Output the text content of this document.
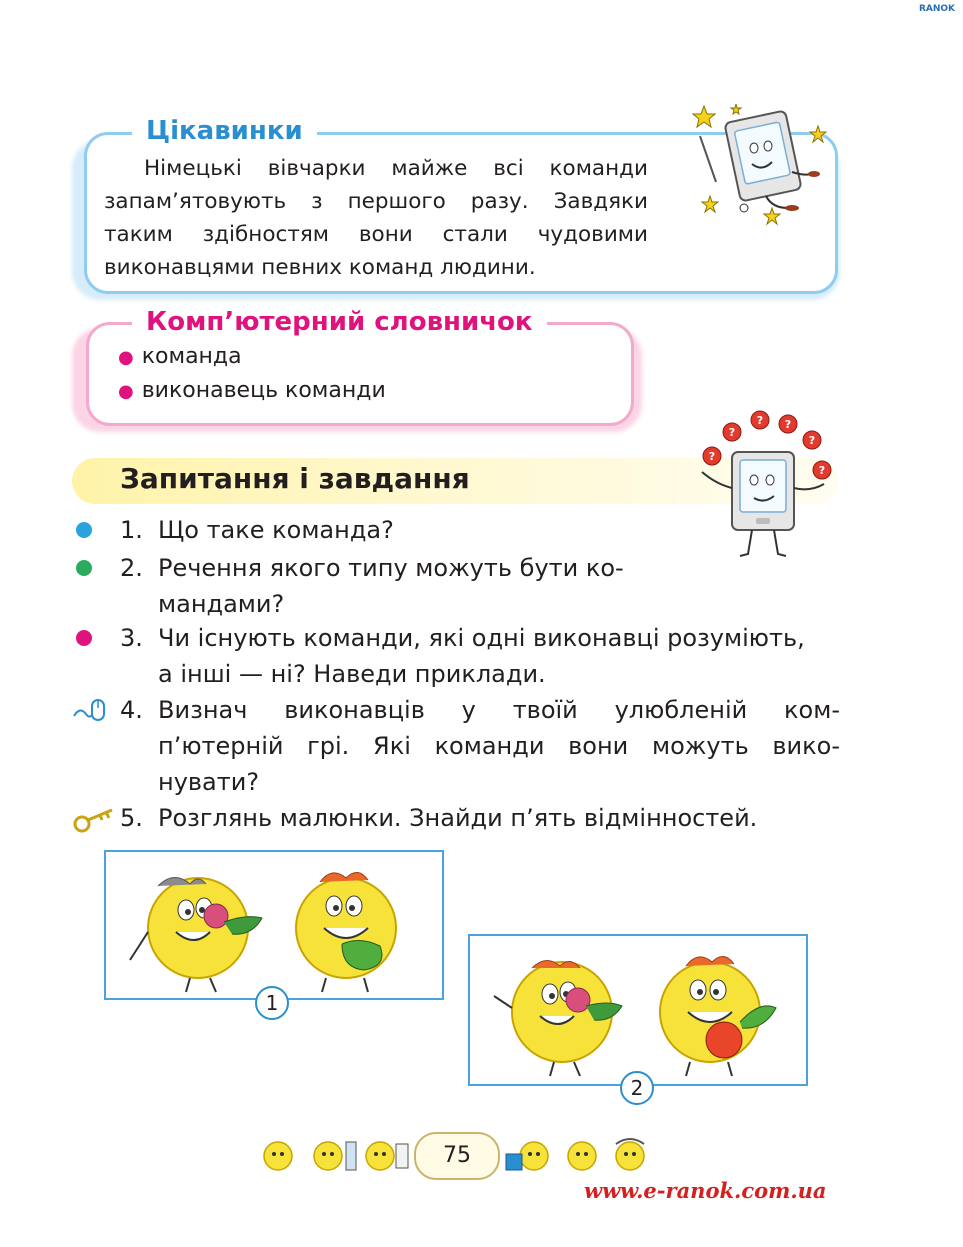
RANOK
Цікавинки
Німецькі вівчарки майже всі команди запам’ятовують з першого разу. Завдяки таким здібностям вони стали чудовими виконавцями певних команд людини.
Комп’ютерний словничок
● команда
● виконавець команди
Запитання і завдання
?
?
? ?
?
?
1. Що таке команда?
2. Речення якого типу можуть бути ко-
мандами?
3. Чи існують команди, які одні виконавці розуміють,
а інші — ні? Наведи приклади.
4. Визнач виконавців у твоїй улюбленій ком-
п’ютерній грі. Які команди вони можуть вико-
нувати?
5. Розглянь малюнки. Знайди п’ять відмінностей.
1
2
75
www.e-ranok.com.ua
